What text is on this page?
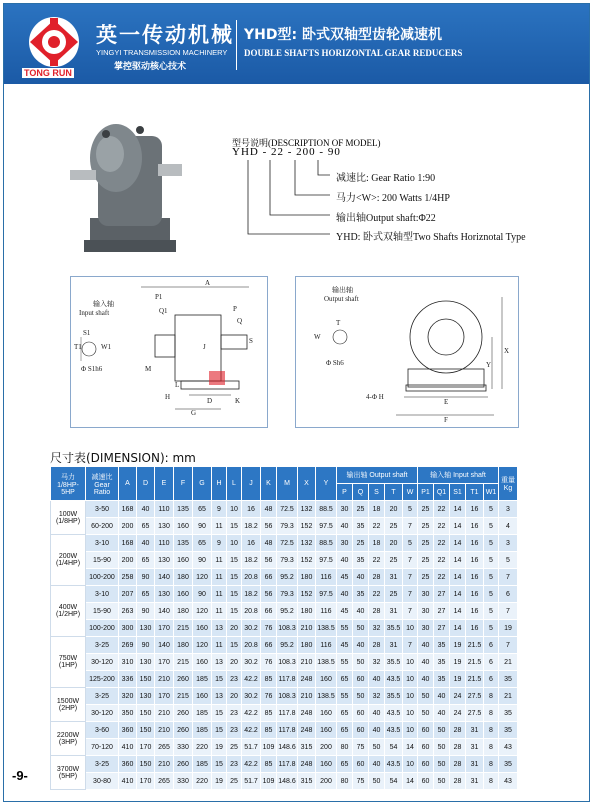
TONG RUN
英一传动机械
YINGYI TRANSMISSION MACHINERY
掌控驱动核心技术
YHD型: 卧式双轴型齿轮减速机
DOUBLE SHAFTS HORIZONTAL GEAR REDUCERS
型号说明(DESCRIPTION OF MODEL)
YHD - 22 - 200 - 90
减速比: Gear Ratio 1:90
马力<W>: 200 Watts 1/4HP
输出轴Output shaft:Φ22
YHD: 卧式双轴型Two Shafts Horiznotal Type
输入轴
Input shaft
A
P1
Q1	P
Q
S1
T1	W1
S
J
M
H
L
G
D	K
Φ S1h6
输出轴
Output shaft
T
W
Φ Sh6
X
Y
4-Φ H
E
F
尺寸表(DIMENSION): mm
马力
1/8HP-5HP	减速比
Gear Ratio	A	D	E	F	G	H	L	J	K	M	X	Y	输出轴 Output shaft					输入轴 Input shaft					重量
Kg
														P	Q	S	T	W	P1	Q1	S1	T1	W1	
100W
(1/8HP)	3-50	168	40	110	135	65	9	10	16	48	72.5	132	88.5	30	25	18	20	5	25	22	14	16	5	3
	60-200	200	65	130	160	90	11	15	18.2	56	79.3	152	97.5	40	35	22	25	7	25	22	14	16	5	4
200W
(1/4HP)	3-10	168	40	110	135	65	9	10	16	48	72.5	132	88.5	30	25	18	20	5	25	22	14	16	5	3
	15-90	200	65	130	160	90	11	15	18.2	56	79.3	152	97.5	40	35	22	25	7	25	22	14	16	5	5
	100-200	258	90	140	180	120	11	15	20.8	66	95.2	180	116	45	40	28	31	7	25	22	14	16	5	7
400W
(1/2HP)	3-10	207	65	130	160	90	11	15	18.2	56	79.3	152	97.5	40	35	22	25	7	30	27	14	16	5	6
	15-90	263	90	140	180	120	11	15	20.8	66	95.2	180	116	45	40	28	31	7	30	27	14	16	5	7
	100-200	300	130	170	215	160	13	20	30.2	76	108.3	210	138.5	55	50	32	35.5	10	30	27	14	16	5	19
750W
(1HP)	3-25	269	90	140	180	120	11	15	20.8	66	95.2	180	116	45	40	28	31	7	40	35	19	21.5	6	7
	30-120	310	130	170	215	160	13	20	30.2	76	108.3	210	138.5	55	50	32	35.5	10	40	35	19	21.5	6	21
	125-200	336	150	210	260	185	15	23	42.2	85	117.8	248	160	65	60	40	43.5	10	40	35	19	21.5	6	35
1500W
(2HP)	3-25	320	130	170	215	160	13	20	30.2	76	108.3	210	138.5	55	50	32	35.5	10	50	40	24	27.5	8	21
	30-120	350	150	210	260	185	15	23	42.2	85	117.8	248	160	65	60	40	43.5	10	50	40	24	27.5	8	35
2200W
(3HP)	3-60	360	150	210	260	185	15	23	42.2	85	117.8	248	160	65	60	40	43.5	10	60	50	28	31	8	35
	70-120	410	170	265	330	220	19	25	51.7	109	148.6	315	200	80	75	50	54	14	60	50	28	31	8	43
3700W
(5HP)	3-25	360	150	210	260	185	15	23	42.2	85	117.8	248	160	65	60	40	43.5	10	60	50	28	31	8	35
	30-80	410	170	265	330	220	19	25	51.7	109	148.6	315	200	80	75	50	54	14	60	50	28	31	8	43
-9-
